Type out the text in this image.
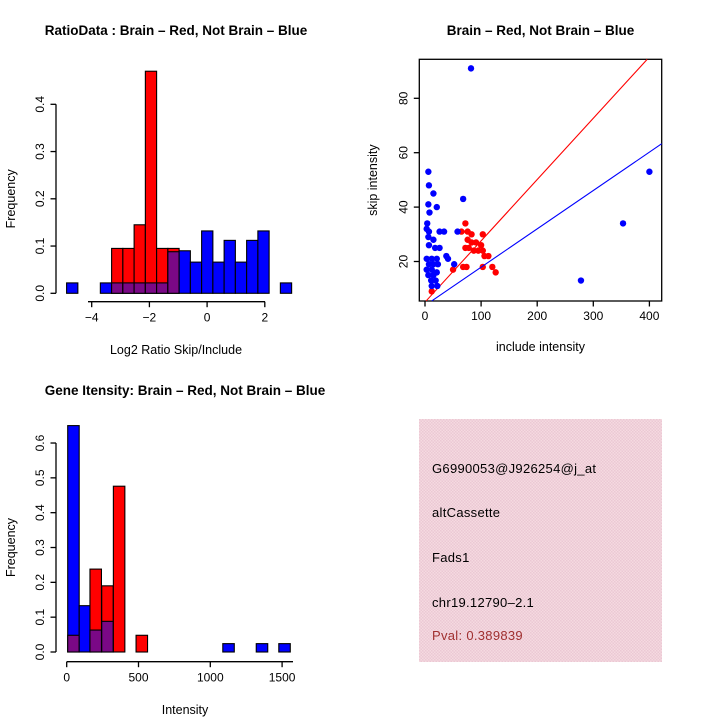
RatioData : Brain – Red, Not Brain – Blue
Log2 Ratio Skip/Include
Frequency
0.0
0.1
0.2
0.3
0.4
−4	−2	0	2
Brain – Red, Not Brain – Blue
include intensity
skip intensity
0	100	200	300	400
20
40
60
80
Gene Itensity: Brain – Red, Not Brain – Blue
Intensity
Frequency
0.0
0.1
0.2
0.3
0.4
0.5
0.6
0	500	1000	1500
G6990053@J926254@j_at
altCassette
Fads1
chr19.12790–2.1
Pval: 0.389839
